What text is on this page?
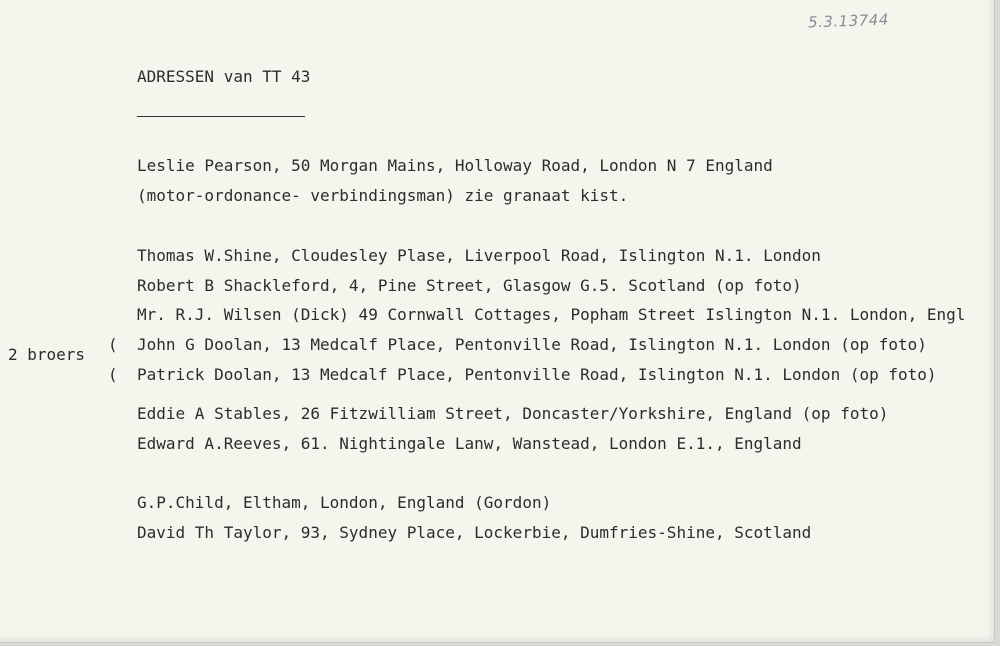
5.3.13744
ADRESSEN van TT 43
Leslie Pearson, 50 Morgan Mains, Holloway Road, London N 7 England
(motor-ordonance- verbindingsman) zie granaat kist.
Thomas W.Shine, Cloudesley Plase, Liverpool Road, Islington N.1. London
Robert B Shackleford, 4, Pine Street, Glasgow G.5. Scotland (op foto)
Mr. R.J. Wilsen (Dick) 49 Cornwall Cottages, Popham Street Islington N.1. London, Engl
2 broers
(
(
John G Doolan, 13 Medcalf Place, Pentonville Road, Islington N.1. London (op foto)
Patrick Doolan, 13 Medcalf Place, Pentonville Road, Islington N.1. London (op foto)
Eddie A Stables, 26 Fitzwilliam Street, Doncaster/Yorkshire, England (op foto)
Edward A.Reeves, 61. Nightingale Lanw, Wanstead, London E.1., England
G.P.Child, Eltham, London, England (Gordon)
David Th Taylor, 93, Sydney Place, Lockerbie, Dumfries-Shine, Scotland
